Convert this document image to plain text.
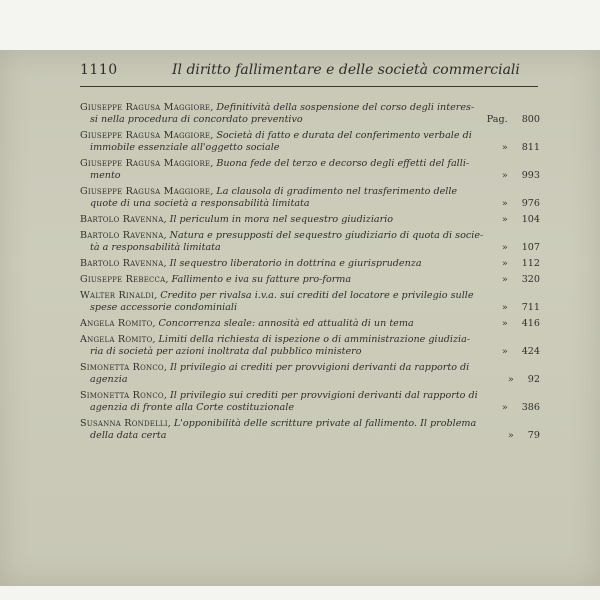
1110	Il diritto fallimentare e delle società commerciali
Giuseppe Ragusa Maggiore, Definitività della sospensione del corso degli interes-
si nella procedura di concordato preventivo	Pag. 800
Giuseppe Ragusa Maggiore, Società di fatto e durata del conferimento verbale di
immobile essenziale all'oggetto sociale	» 811
Giuseppe Ragusa Maggiore, Buona fede del terzo e decorso degli effetti del falli-
mento	» 993
Giuseppe Ragusa Maggiore, La clausola di gradimento nel trasferimento delle
quote di una società a responsabilità limitata	» 976
Bartolo Ravenna, Il periculum in mora nel sequestro giudiziario	» 104
Bartolo Ravenna, Natura e presupposti del sequestro giudiziario di quota di socie-
tà a responsabilità limitata	» 107
Bartolo Ravenna, Il sequestro liberatorio in dottrina e giurisprudenza	» 112
Giuseppe Rebecca, Fallimento e iva su fatture pro-forma	» 320
Walter Rinaldi, Credito per rivalsa i.v.a. sui crediti del locatore e privilegio sulle
spese accessorie condominiali	» 711
Angela Romito, Concorrenza sleale: annosità ed attualità di un tema	» 416
Angela Romito, Limiti della richiesta di ispezione o di amministrazione giudizia-
ria di società per azioni inoltrata dal pubblico ministero	» 424
Simonetta Ronco, Il privilegio ai crediti per provvigioni derivanti da rapporto di
agenzia	» 92
Simonetta Ronco, Il privilegio sui crediti per provvigioni derivanti dal rapporto di
agenzia di fronte alla Corte costituzionale	» 386
Susanna Rondelli, L'opponibilità delle scritture private al fallimento. Il problema
della data certa	» 79
